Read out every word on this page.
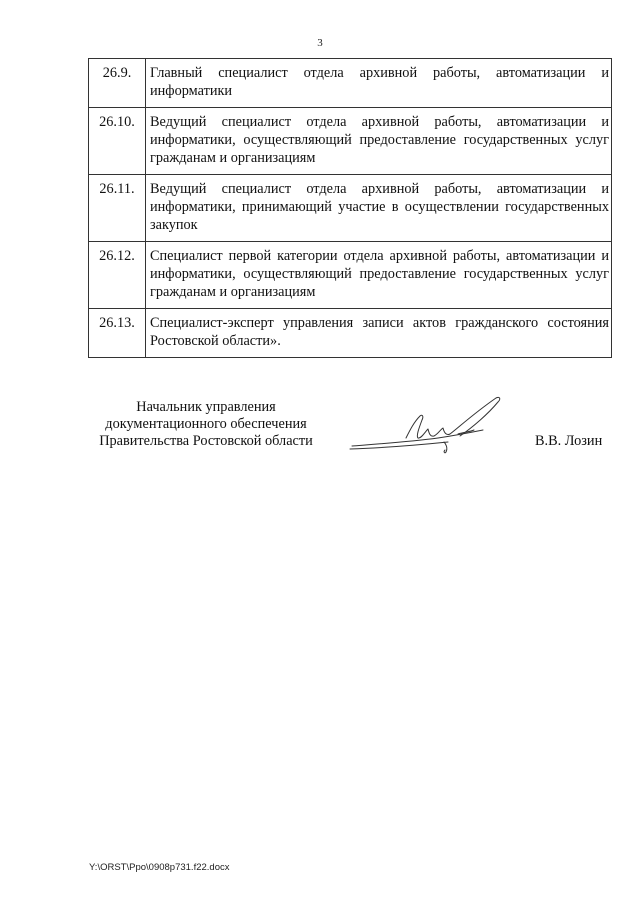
3
26.9.	Главный специалист отдела архивной работы, автоматизации и информатики
26.10.	Ведущий специалист отдела архивной работы, автоматизации и информатики, осуществляющий предоставление государственных услуг гражданам и организациям
26.11.	Ведущий специалист отдела архивной работы, автоматизации и информатики, принимающий участие в осуществлении государственных закупок
26.12.	Специалист первой категории отдела архивной работы, автоматизации и информатики, осуществляющий предоставление государственных услуг гражданам и организациям
26.13.	Специалист-эксперт управления записи актов гражданского состояния Ростовской области».
Начальник управления
документационного обеспечения
Правительства Ростовской области	В.В. Лозин
Y:\ORST\Ppo\0908p731.f22.docx
